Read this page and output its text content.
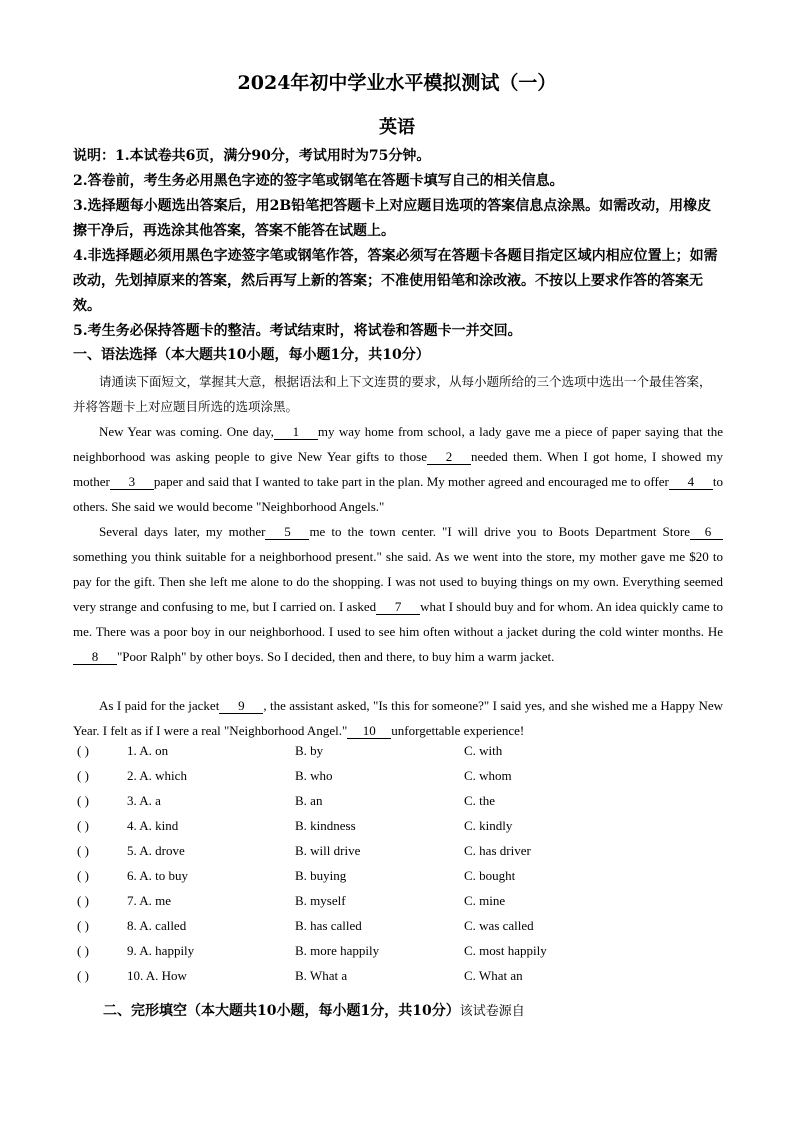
2024年初中学业水平模拟测试（一）
英语

说明：1.本试卷共6页，满分90分，考试用时为75分钟。

2.答卷前，考生务必用黑色字迹的签字笔或钢笔在答题卡填写自己的相关信息。

3.选择题每小题选出答案后，用2B铅笔把答题卡上对应题目选项的答案信息点涂黑。如需改动，用橡皮擦干净后，再选涂其他答案，答案不能答在试题上。

4.非选择题必须用黑色字迹签字笔或钢笔作答，答案必须写在答题卡各题目指定区域内相应位置上；如需改动，先划掉原来的答案，然后再写上新的答案；不准使用铅笔和涂改液。不按以上要求作答的答案无效。

5.考生务必保持答题卡的整洁。考试结束时，将试卷和答题卡一并交回。

一、语法选择（本大题共10小题，每小题1分，共10分）

请通读下面短文，掌握其大意，根据语法和上下文连贯的要求，从每小题所给的三个选项中选出一个最佳答案，并将答题卡上对应题目所选的选项涂黑。

New Year was coming. One day, 1 my way home from school, a lady gave me a piece of paper saying that the neighborhood was asking people to give New Year gifts to those 2 needed them. When I got home, I showed my mother 3 paper and said that I wanted to take part in the plan. My mother agreed and encouraged me to offer 4 to others. She said we would become "Neighborhood Angels."

Several days later, my mother 5 me to the town center. "I will drive you to Boots Department Store 6something you think suitable for a neighborhood present." she said. As we went into the store, my mother gave me $20 to pay for the gift. Then she left me alone to do the shopping. I was not used to buying things on my own. Everything seemed very strange and confusing to me, but I carried on. I asked 7 what I should buy and for whom. An idea quickly came to me. There was a poor boy in our neighborhood. I used to see him often without a jacket during the cold winter months. He8 "Poor Ralph" by other boys. So I decided, then and there, to buy him a warm jacket.

As I paid for the jacket 9 , the assistant asked, "Is this for someone?" I said yes, and she wished me a Happy New Year. I felt as if I were a real "Neighborhood Angel." 10 unforgettable experience!

( )	1. A. on	B. by	C. with
( )	2. A. which	B. who	C. whom
( )	3. A. a	B. an	C. the
( )	4. A. kind	B. kindness	C. kindly
( )	5. A. drove	B. will drive	C. has driver
( )	6. A. to buy	B. buying	C. bought
( )	7. A. me	B. myself	C. mine
( )	8. A. called	B. has called	C. was called
( )	9. A. happily	B. more happily	C. most happily
( )	10. A. How	B. What a	C. What an

二、完形填空（本大题共10小题，每小题1分，共10分）该试卷源自
